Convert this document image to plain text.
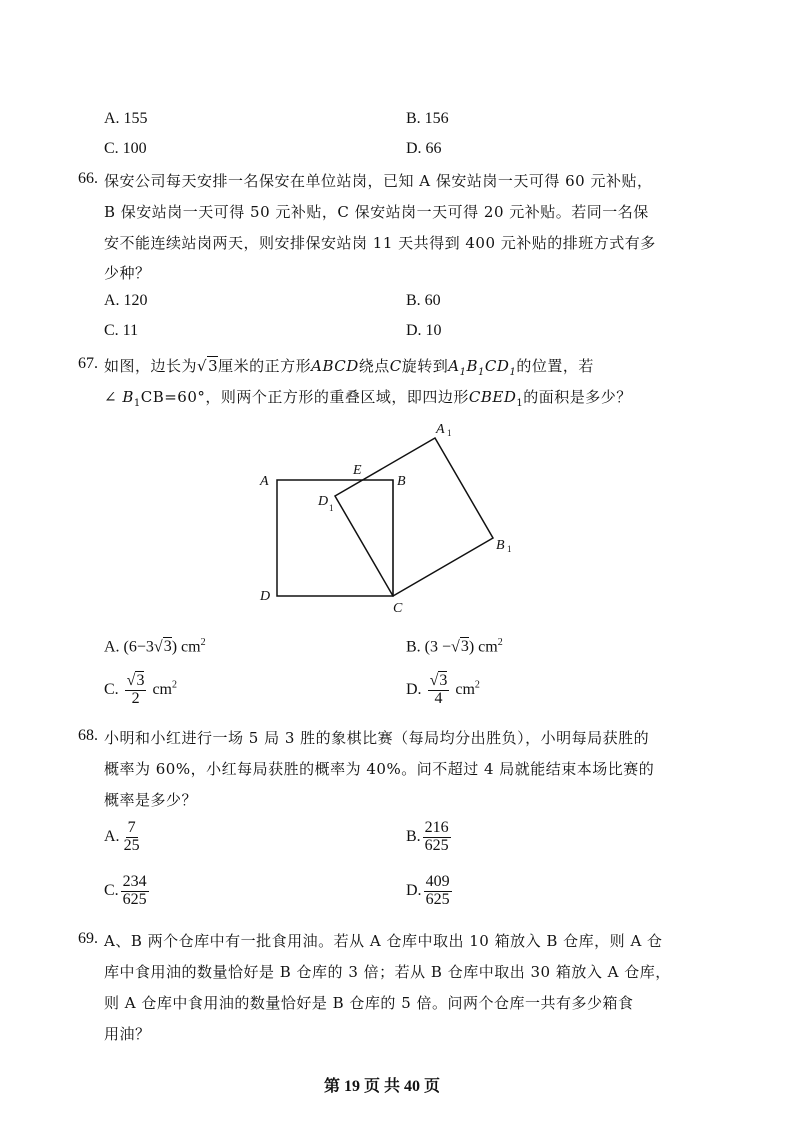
A. 155	B. 156
C. 100	D. 66
66. 保安公司每天安排一名保安在单位站岗，已知 A 保安站岗一天可得 60 元补贴，
B 保安站岗一天可得 50 元补贴，C 保安站岗一天可得 20 元补贴。若同一名保
安不能连续站岗两天，则安排保安站岗 11 天共得到 400 元补贴的排班方式有多
少种？
A. 120	B. 60
C. 11	D. 10
67. 如图，边长为√3厘米的正方形ABCD绕点C旋转到$A_1B_1CD_1$的位置，若
∠ $B_1CB=60^\circ$，则两个正方形的重叠区域，即四边形$CBED_1$的面积是多少？
A	B
C
D
E
A 1
B 1
D 1
A. (6−3√3) $cm^2$	B. (3 −√3) $cm^2$
C. $\frac{√3}{2} cm^2$	D. $\frac{√3}{4} cm^2$
68. 小明和小红进行一场 5 局 3 胜的象棋比赛（每局均分出胜负），小明每局获胜的
概率为 60%，小红每局获胜的概率为 40%。问不超过 4 局就能结束本场比赛的
概率是多少？
A. $\frac{7}{25}$	B. $\frac{216}{625}$
C. $\frac{234}{625}$	D. $\frac{409}{625}$
69. A、B 两个仓库中有一批食用油。若从 A 仓库中取出 10 箱放入 B 仓库，则 A 仓
库中食用油的数量恰好是 B 仓库的 3 倍；若从 B 仓库中取出 30 箱放入 A 仓库，
则 A 仓库中食用油的数量恰好是 B 仓库的 5 倍。问两个仓库一共有多少箱食
用油？
第 19 页 共 40 页
